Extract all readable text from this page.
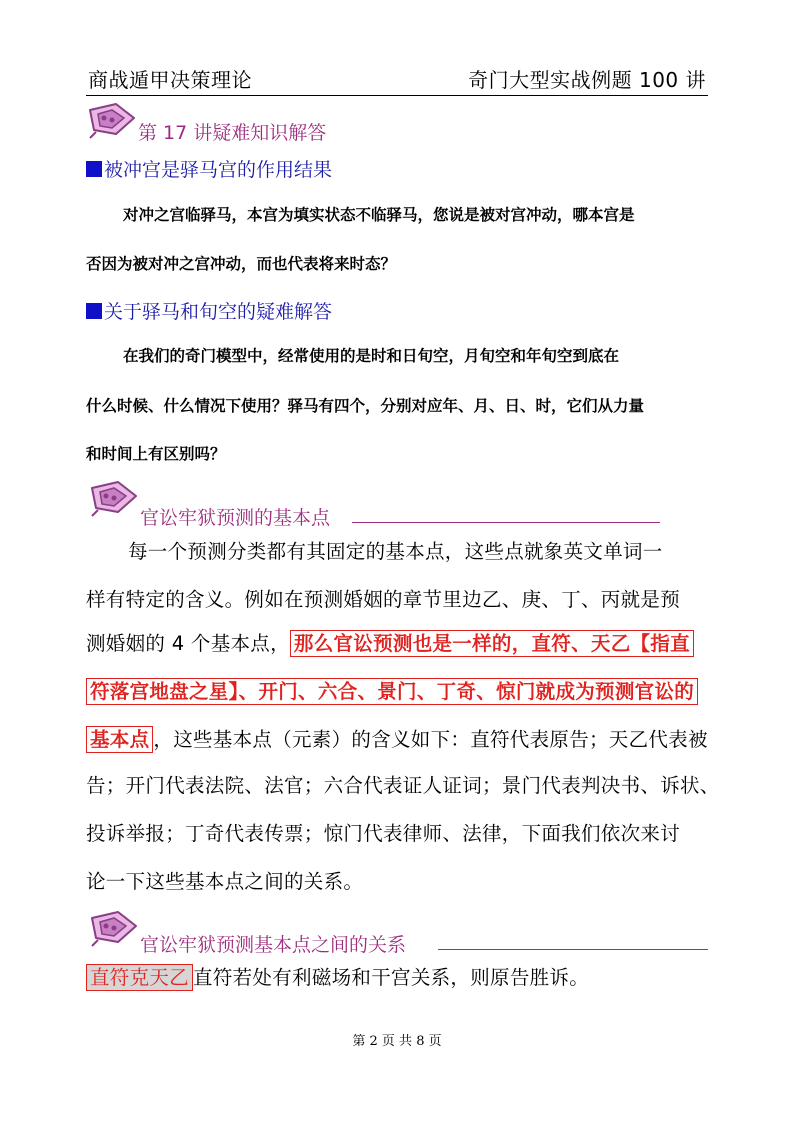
商战遁甲决策理论	奇门大型实战例题 100 讲
第 17 讲疑难知识解答
被冲宫是驿马宫的作用结果
对冲之宫临驿马，本宫为填实状态不临驿马，您说是被对宫冲动，哪本宫是
否因为被对冲之宫冲动，而也代表将来时态？
关于驿马和旬空的疑难解答
在我们的奇门模型中，经常使用的是时和日旬空，月旬空和年旬空到底在
什么时候、什么情况下使用？驿马有四个，分别对应年、月、日、时，它们从力量
和时间上有区别吗？
官讼牢狱预测的基本点
每一个预测分类都有其固定的基本点，这些点就象英文单词一
样有特定的含义。例如在预测婚姻的章节里边乙、庚、丁、丙就是预
测婚姻的 4 个基本点， 那么官讼预测也是一样的，直符、天乙【指直
符落宫地盘之星】、开门、六合、景门、丁奇、惊门就成为预测官讼的
基本点 ，这些基本点（元素）的含义如下：直符代表原告；天乙代表被
告；开门代表法院、法官；六合代表证人证词；景门代表判决书、诉状、
投诉举报；丁奇代表传票；惊门代表律师、法律，下面我们依次来讨
论一下这些基本点之间的关系。
官讼牢狱预测基本点之间的关系
直符克天乙 直符若处有利磁场和干宫关系，则原告胜诉。
第 2 页 共 8 页
